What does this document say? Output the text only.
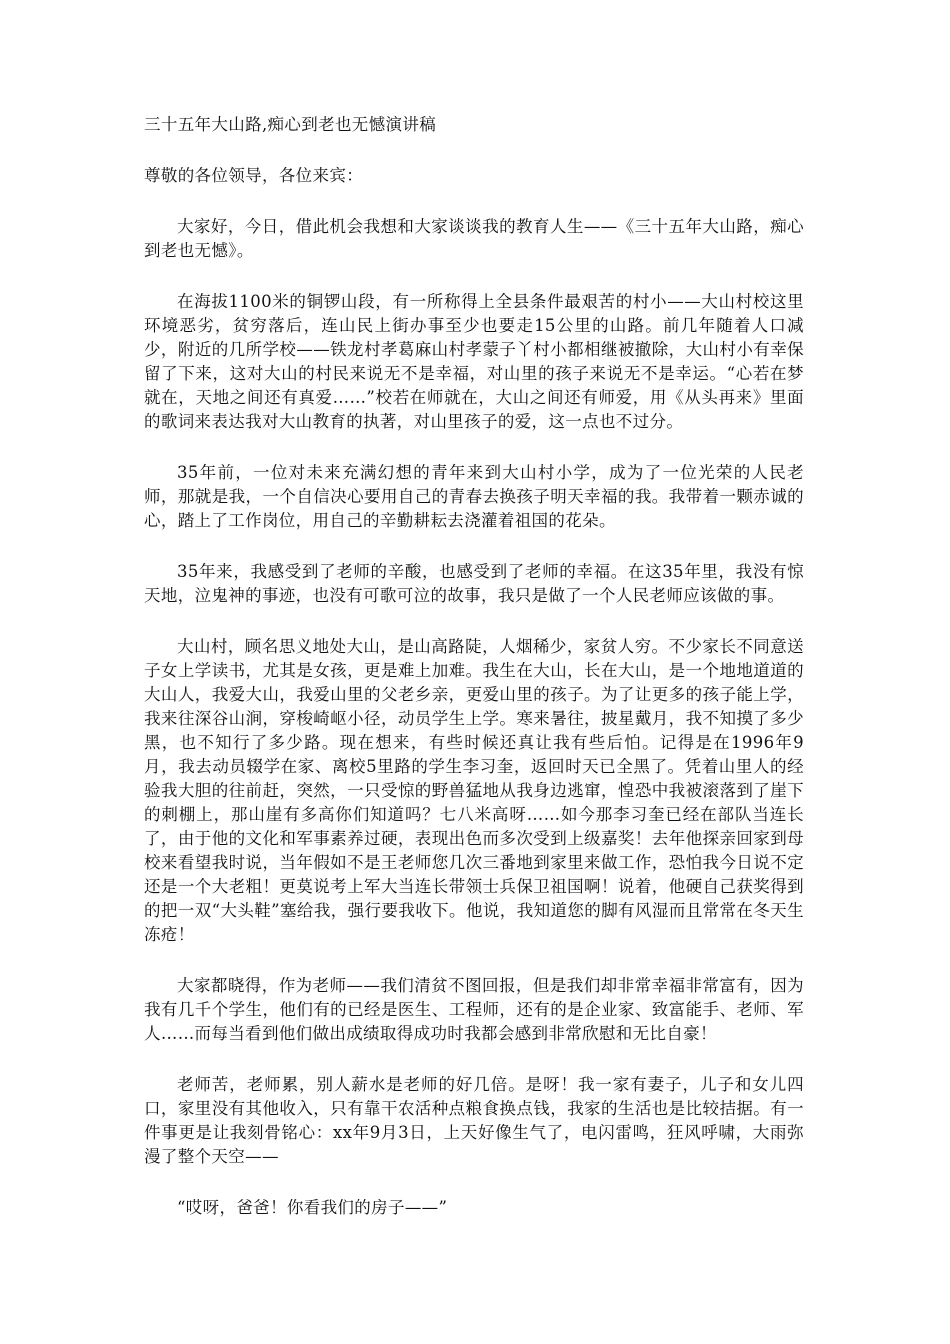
三十五年大山路,痴心到老也无憾演讲稿

尊敬的各位领导，各位来宾：

大家好，今日，借此机会我想和大家谈谈我的教育人生——《三十五年大山路，痴心到老也无憾》。

在海拔1100米的铜锣山段，有一所称得上全县条件最艰苦的村小——大山村校这里环境恶劣，贫穷落后，连山民上街办事至少也要走15公里的山路。前几年随着人口减少，附近的几所学校——铁龙村孝葛麻山村孝蒙子丫村小都相继被撤除，大山村小有幸保留了下来，这对大山的村民来说无不是幸福，对山里的孩子来说无不是幸运。“心若在梦就在，天地之间还有真爱……”校若在师就在，大山之间还有师爱，用《从头再来》里面的歌词来表达我对大山教育的执著，对山里孩子的爱，这一点也不过分。

35年前，一位对未来充满幻想的青年来到大山村小学，成为了一位光荣的人民老师，那就是我，一个自信决心要用自己的青春去换孩子明天幸福的我。我带着一颗赤诚的心，踏上了工作岗位，用自己的辛勤耕耘去浇灌着祖国的花朵。

35年来，我感受到了老师的辛酸，也感受到了老师的幸福。在这35年里，我没有惊天地，泣鬼神的事迹，也没有可歌可泣的故事，我只是做了一个人民老师应该做的事。

大山村，顾名思义地处大山，是山高路陡，人烟稀少，家贫人穷。不少家长不同意送子女上学读书，尤其是女孩，更是难上加难。我生在大山，长在大山，是一个地地道道的大山人，我爱大山，我爱山里的父老乡亲，更爱山里的孩子。为了让更多的孩子能上学，我来往深谷山涧，穿梭崎岖小径，动员学生上学。寒来暑往，披星戴月，我不知摸了多少黑，也不知行了多少路。现在想来，有些时候还真让我有些后怕。记得是在1996年9月，我去动员辍学在家、离校5里路的学生李习奎，返回时天已全黑了。凭着山里人的经验我大胆的往前赶，突然，一只受惊的野兽猛地从我身边逃窜，惶恐中我被滚落到了崖下的刺棚上，那山崖有多高你们知道吗？七八米高呀……如今那李习奎已经在部队当连长了，由于他的文化和军事素养过硬，表现出色而多次受到上级嘉奖！去年他探亲回家到母校来看望我时说，当年假如不是王老师您几次三番地到家里来做工作，恐怕我今日说不定还是一个大老粗！更莫说考上军大当连长带领士兵保卫祖国啊！说着，他硬自己获奖得到的把一双“大头鞋”塞给我，强行要我收下。他说，我知道您的脚有风湿而且常常在冬天生冻疮！

大家都晓得，作为老师——我们清贫不图回报，但是我们却非常幸福非常富有，因为我有几千个学生，他们有的已经是医生、工程师，还有的是企业家、致富能手、老师、军人……而每当看到他们做出成绩取得成功时我都会感到非常欣慰和无比自豪！

老师苦，老师累，别人薪水是老师的好几倍。是呀！我一家有妻子，儿子和女儿四口，家里没有其他收入，只有靠干农活种点粮食换点钱，我家的生活也是比较拮据。有一件事更是让我刻骨铭心：xx年9月3日，上天好像生气了，电闪雷鸣，狂风呼啸，大雨弥漫了整个天空——

“哎呀，爸爸！你看我们的房子——”
